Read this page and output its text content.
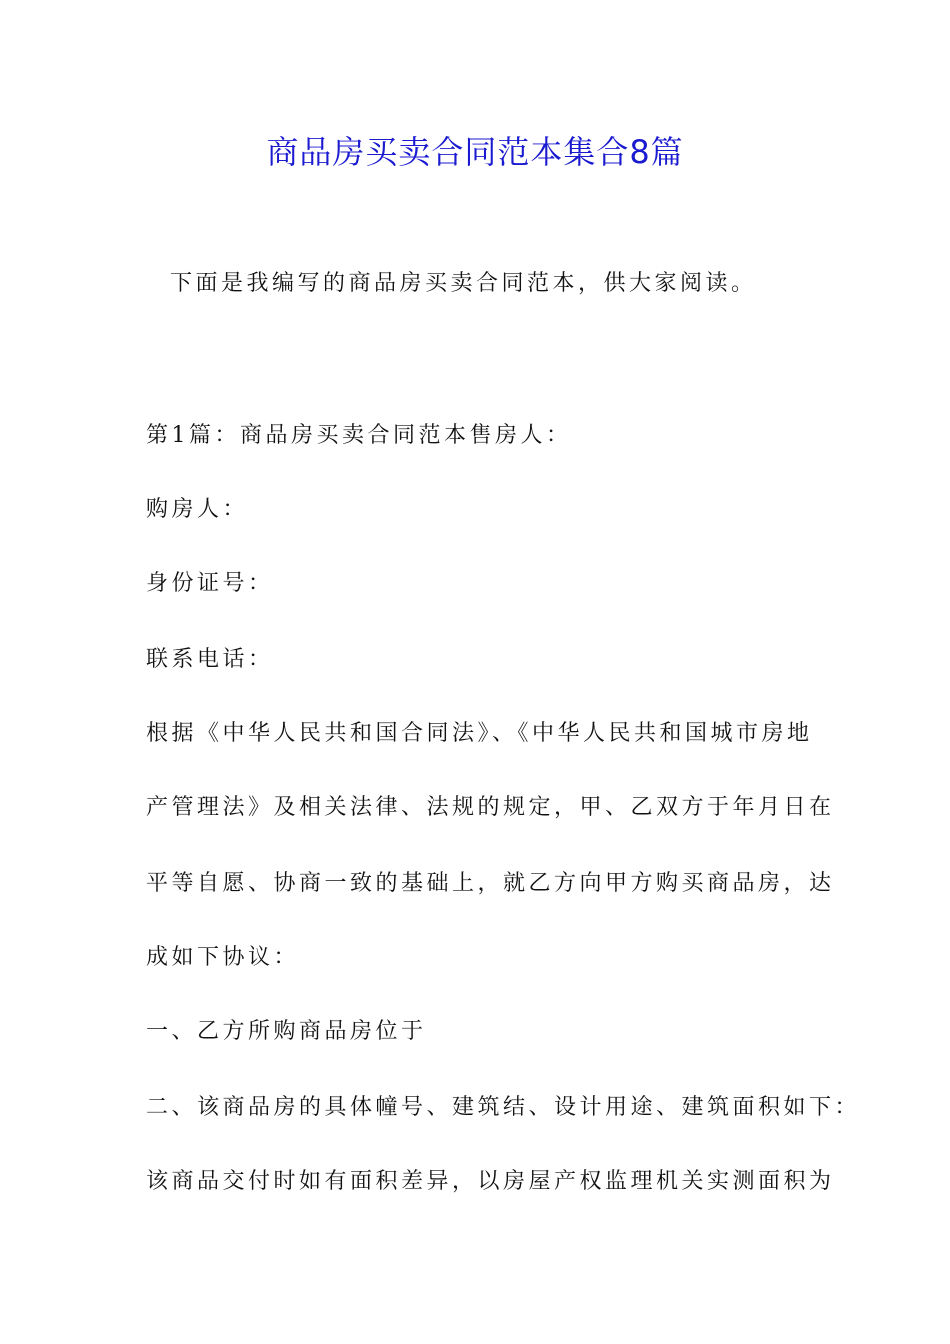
商品房买卖合同范本集合8篇

下面是我编写的商品房买卖合同范本，供大家阅读。

第1篇：商品房买卖合同范本售房人：

购房人：

身份证号：

联系电话：

根据《中华人民共和国合同法》、《中华人民共和国城市房地

产管理法》及相关法律、法规的规定，甲、乙双方于年月日在

平等自愿、协商一致的基础上，就乙方向甲方购买商品房，达

成如下协议：

一、乙方所购商品房位于

二、该商品房的具体幢号、建筑结、设计用途、建筑面积如下：

该商品交付时如有面积差异，以房屋产权监理机关实测面积为
